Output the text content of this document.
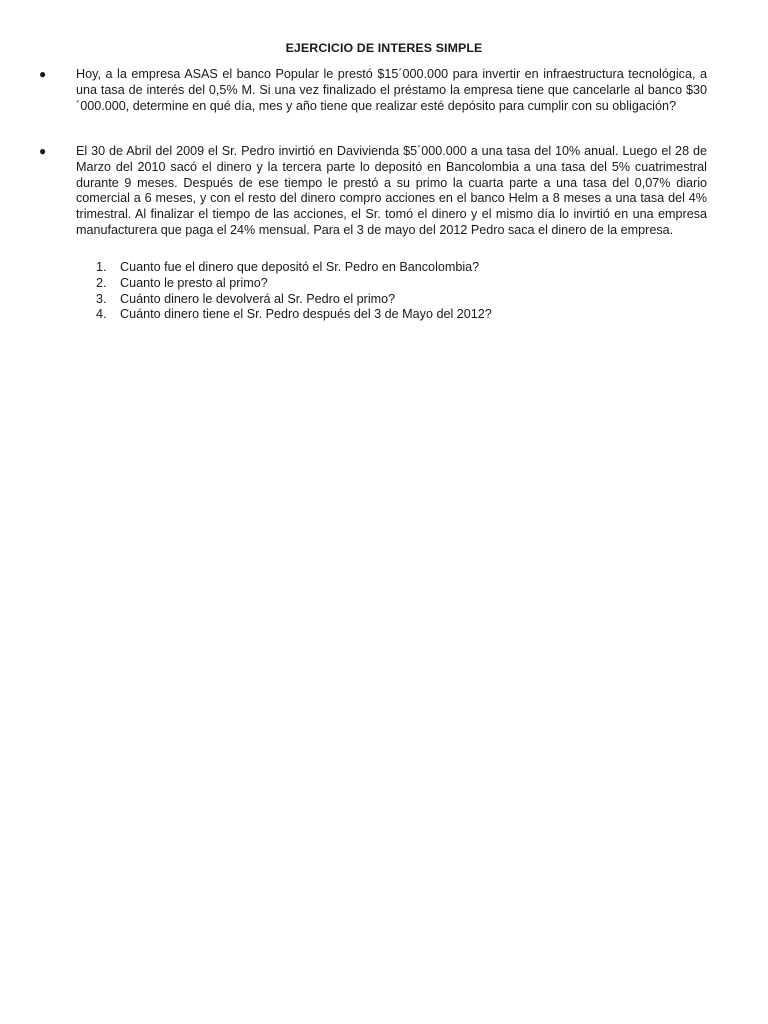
EJERCICIO DE INTERES SIMPLE
● Hoy, a la empresa ASAS el banco Popular le prestó $15´000.000 para invertir en infraestructura tecnológica, a una tasa de interés del 0,5% M. Si una vez finalizado el préstamo la empresa tiene que cancelarle al banco $30´000.000, determine en qué día, mes y año tiene que realizar esté depósito para cumplir con su obligación?
● El 30 de Abril del 2009 el Sr. Pedro invirtió en Davivienda $5´000.000 a una tasa del 10% anual. Luego el 28 de Marzo del 2010 sacó el dinero y la tercera parte lo depositó en Bancolombia a una tasa del 5% cuatrimestral durante 9 meses. Después de ese tiempo le prestó a su primo la cuarta parte a una tasa del 0,07% diario comercial a 6 meses, y con el resto del dinero compro acciones en el banco Helm a 8 meses a una tasa del 4% trimestral. Al finalizar el tiempo de las acciones, el Sr. tomó el dinero y el mismo día lo invirtió en una empresa manufacturera que paga el 24% mensual. Para el 3 de mayo del 2012 Pedro saca el dinero de la empresa.
1. Cuanto fue el dinero que depositó el Sr. Pedro en Bancolombia?
2. Cuanto le presto al primo?
3. Cuánto dinero le devolverá al Sr. Pedro el primo?
4. Cuánto dinero tiene el Sr. Pedro después del 3 de Mayo del 2012?
